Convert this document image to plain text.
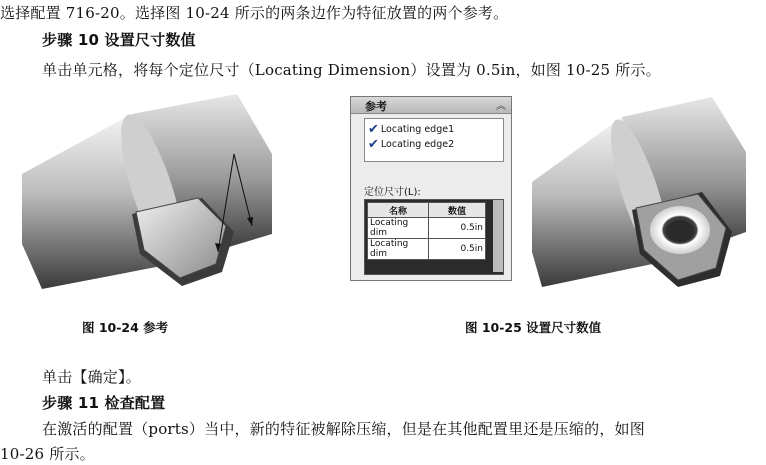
选择配置 716-20。选择图 10-24 所示的两条边作为特征放置的两个参考。
步骤 10 设置尺寸数值
单击单元格，将每个定位尺寸（Locating Dimension）设置为 0.5in，如图 10-25 所示。
参考	︽
✔ Locating edge1
✔ Locating edge2
定位尺寸(L):
名称	数值
Locating dim	0.5in
Locating dim	0.5in
图 10-24 参考	图 10-25 设置尺寸数值
单击【确定】。
步骤 11 检查配置
在激活的配置（ports）当中，新的特征被解除压缩，但是在其他配置里还是压缩的，如图
10-26 所示。
